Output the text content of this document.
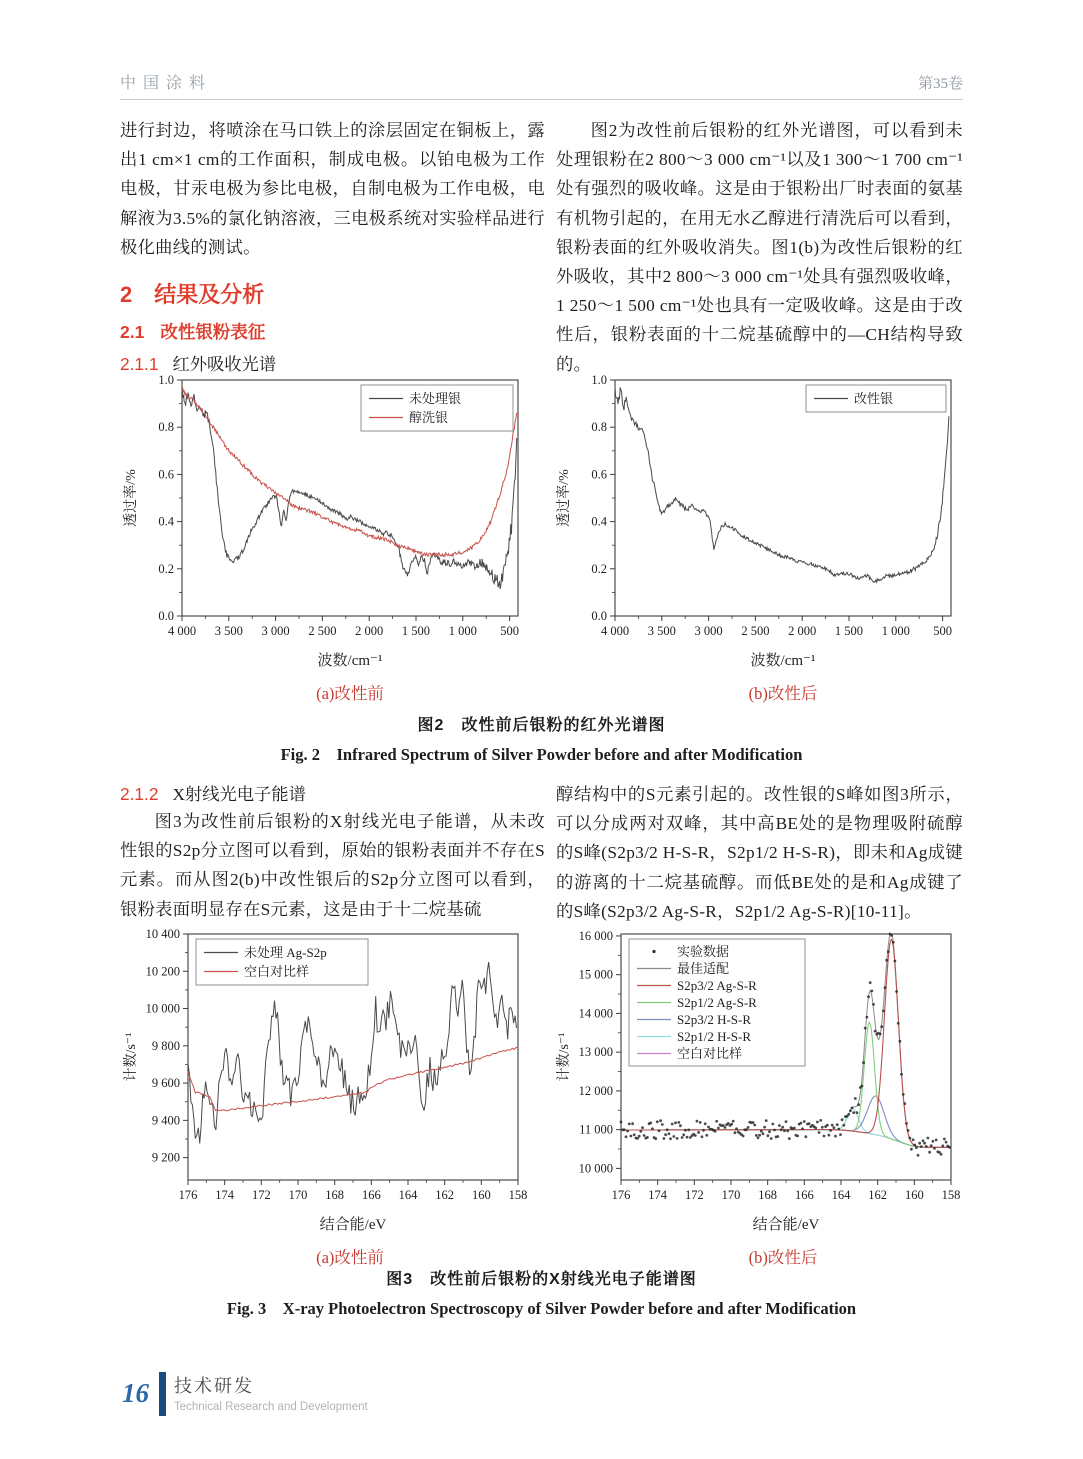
中国涂料	第35卷

进行封边，将喷涂在马口铁上的涂层固定在铜板上，露出1 cm×1 cm的工作面积，制成电极。以铂电极为工作电极，甘汞电极为参比电极，自制电极为工作电极，电解液为3.5%的氯化钠溶液，三电极系统对实验样品进行极化曲线的测试。

2 结果及分析
2.1 改性银粉表征
2.1.1 红外吸收光谱

图2为改性前后银粉的红外光谱图，可以看到未处理银粉在2 800～3 000 cm⁻¹以及1 300～1 700 cm⁻¹处有强烈的吸收峰。这是由于银粉出厂时表面的氨基有机物引起的，在用无水乙醇进行清洗后可以看到，银粉表面的红外吸收消失。图1(b)为改性后银粉的红外吸收，其中2 800～3 000 cm⁻¹处具有强烈吸收峰，1 250～1 500 cm⁻¹处也具有一定吸收峰。这是由于改性后，银粉表面的十二烷基硫醇中的—CH结构导致的。

4 000 3 500 3 000 2 500 2 000 1 500 1 000 500
0.0
0.2
0.4
0.6
0.8
1.0
波数/cm⁻¹
透过率/%
未处理银
醇洗银
(a)改性前
4 000 3 500 3 000 2 500 2 000 1 500 1 000 500
0.0
0.2
0.4
0.6
0.8
1.0
波数/cm⁻¹
透过率/%
改性银
(b)改性后
图2　改性前后银粉的红外光谱图
Fig. 2　Infrared Spectrum of Silver Powder before and after Modification
2.1.2 X射线光电子能谱

图3为改性前后银粉的X射线光电子能谱，从未改性银的S2p分立图可以看到，原始的银粉表面并不存在S元素。而从图2(b)中改性银后的S2p分立图可以看到，银粉表面明显存在S元素，这是由于十二烷基硫

醇结构中的S元素引起的。改性银的S峰如图3所示，可以分成两对双峰，其中高BE处的是物理吸附硫醇的S峰(S2p3/2 H-S-R，S2p1/2 H-S-R)，即未和Ag成键的游离的十二烷基硫醇。而低BE处的是和Ag成键了的S峰(S2p3/2 Ag-S-R，S2p1/2 Ag-S-R)[10-11]。

176 174 172 170 168 166 164 162 160 158
9 200
9 400
9 600
9 800
10 000
10 200
10 400
结合能/eV
计数/s⁻¹
未处理 Ag-S2p
空白对比样
(a)改性前
176 174 172 170 168 166 164 162 160 158
10 000
11 000
12 000
13 000
14 000
15 000
16 000
结合能/eV
计数/s⁻¹
实验数据
最佳适配
S2p3/2 Ag-S-R
S2p1/2 Ag-S-R
S2p3/2 H-S-R
S2p1/2 H-S-R
空白对比样
(b)改性后
图3　改性前后银粉的X射线光电子能谱图
Fig. 3　X-ray Photoelectron Spectroscopy of Silver Powder before and after Modification
16 技术研发
Technical Research and Development
